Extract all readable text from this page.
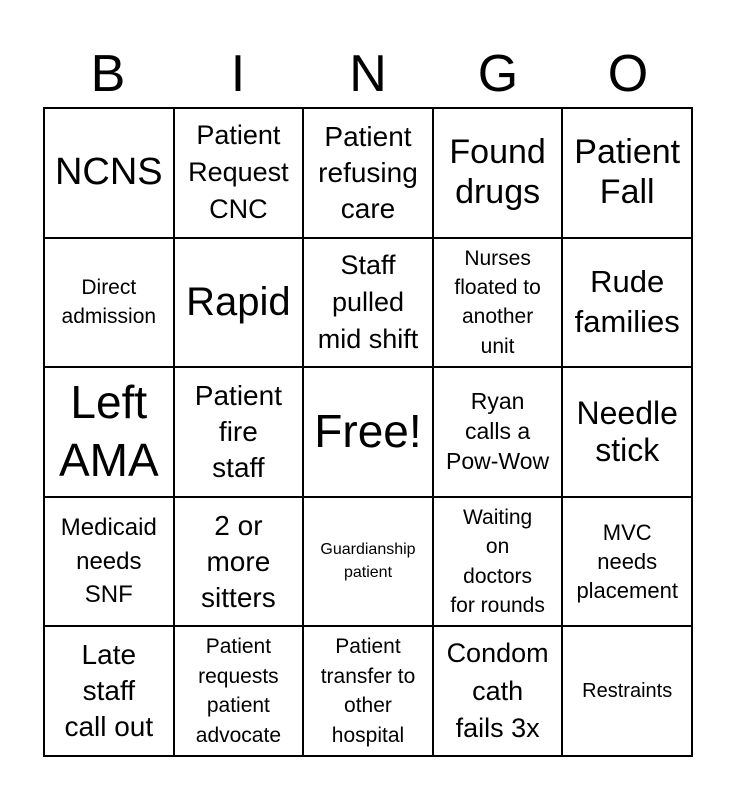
B	I	N	G	O
NCNS
Patient
Request
CNC
Patient
refusing
care
Found
drugs
Patient
Fall
Direct
admission Rapid
Staff
pulled
mid shift
Nurses
floated to
another
unit
Rude
families
Left
AMA
Patient
fire
staff
Free!
Ryan
calls a
Pow-Wow
Needle
stick
Medicaid
needs
SNF
2 or
more
sitters
Guardianship
patient
Waiting
on
doctors
for rounds
MVC
needs
placement
Late
staff
call out
Patient
requests
patient
advocate
Patient
transfer to
other
hospital
Condom
cath
fails 3x
Restraints
